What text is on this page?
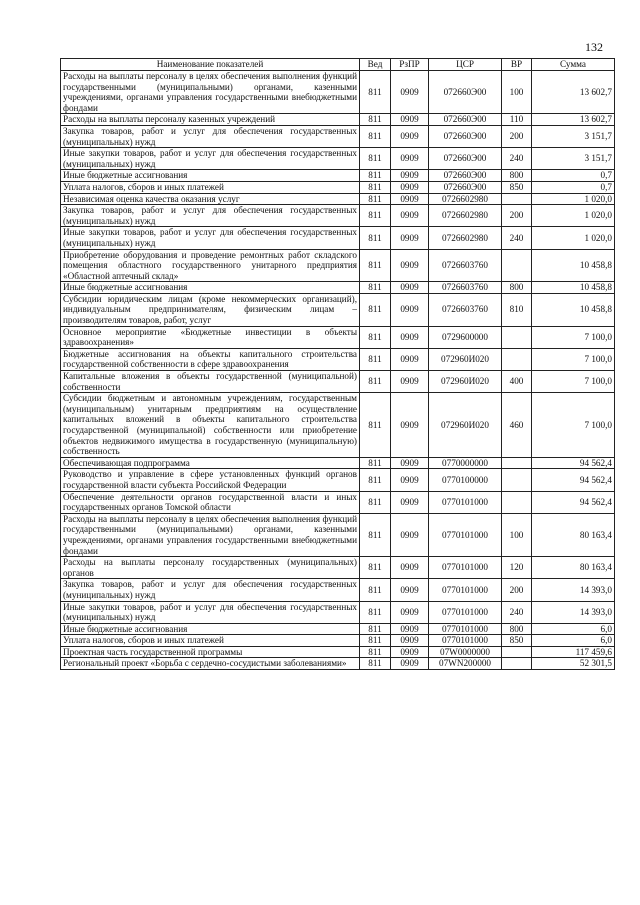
132
Наименование показателей	Вед	РзПР	ЦСР	ВР	Сумма
Расходы на выплаты персоналу в целях обеспечения выполнения функций государственными (муниципальными) органами, казенными учреждениями, органами управления государственными внебюджетными фондами	811	0909	072660Э00	100	13 602,7
Расходы на выплаты персоналу казенных учреждений	811	0909	072660Э00	110	13 602,7
Закупка товаров, работ и услуг для обеспечения государственных (муниципальных) нужд	811	0909	072660Э00	200	3 151,7
Иные закупки товаров, работ и услуг для обеспечения государственных (муниципальных) нужд	811	0909	072660Э00	240	3 151,7
Иные бюджетные ассигнования	811	0909	072660Э00	800	0,7
Уплата налогов, сборов и иных платежей	811	0909	072660Э00	850	0,7
Независимая оценка качества оказания услуг	811	0909	0726602980		1 020,0
Закупка товаров, работ и услуг для обеспечения государственных (муниципальных) нужд	811	0909	0726602980	200	1 020,0
Иные закупки товаров, работ и услуг для обеспечения государственных (муниципальных) нужд	811	0909	0726602980	240	1 020,0
Приобретение оборудования и проведение ремонтных работ складского помещения областного государственного унитарного предприятия «Областной аптечный склад»	811	0909	0726603760		10 458,8
Иные бюджетные ассигнования	811	0909	0726603760	800	10 458,8
Субсидии юридическим лицам (кроме некоммерческих организаций), индивидуальным предпринимателям, физическим лицам – производителям товаров, работ, услуг	811	0909	0726603760	810	10 458,8
Основное мероприятие «Бюджетные инвестиции в объекты здравоохранения»	811	0909	0729600000		7 100,0
Бюджетные ассигнования на объекты капитального строительства государственной собственности в сфере здравоохранения	811	0909	072960И020		7 100,0
Капитальные вложения в объекты государственной (муниципальной) собственности	811	0909	072960И020	400	7 100,0
Субсидии бюджетным и автономным учреждениям, государственным (муниципальным) унитарным предприятиям на осуществление капитальных вложений в объекты капитального строительства государственной (муниципальной) собственности или приобретение объектов недвижимого имущества в государственную (муниципальную) собственность	811	0909	072960И020	460	7 100,0
Обеспечивающая подпрограмма	811	0909	0770000000		94 562,4
Руководство и управление в сфере установленных функций органов государственной власти субъекта Российской Федерации	811	0909	0770100000		94 562,4
Обеспечение деятельности органов государственной власти и иных государственных органов Томской области	811	0909	0770101000		94 562,4
Расходы на выплаты персоналу в целях обеспечения выполнения функций государственными (муниципальными) органами, казенными учреждениями, органами управления государственными внебюджетными фондами	811	0909	0770101000	100	80 163,4
Расходы на выплаты персоналу государственных (муниципальных) органов	811	0909	0770101000	120	80 163,4
Закупка товаров, работ и услуг для обеспечения государственных (муниципальных) нужд	811	0909	0770101000	200	14 393,0
Иные закупки товаров, работ и услуг для обеспечения государственных (муниципальных) нужд	811	0909	0770101000	240	14 393,0
Иные бюджетные ассигнования	811	0909	0770101000	800	6,0
Уплата налогов, сборов и иных платежей	811	0909	0770101000	850	6,0
Проектная часть государственной программы	811	0909	07W0000000		117 459,6
Региональный проект «Борьба с сердечно-сосудистыми заболеваниями»	811	0909	07WN200000		52 301,5
